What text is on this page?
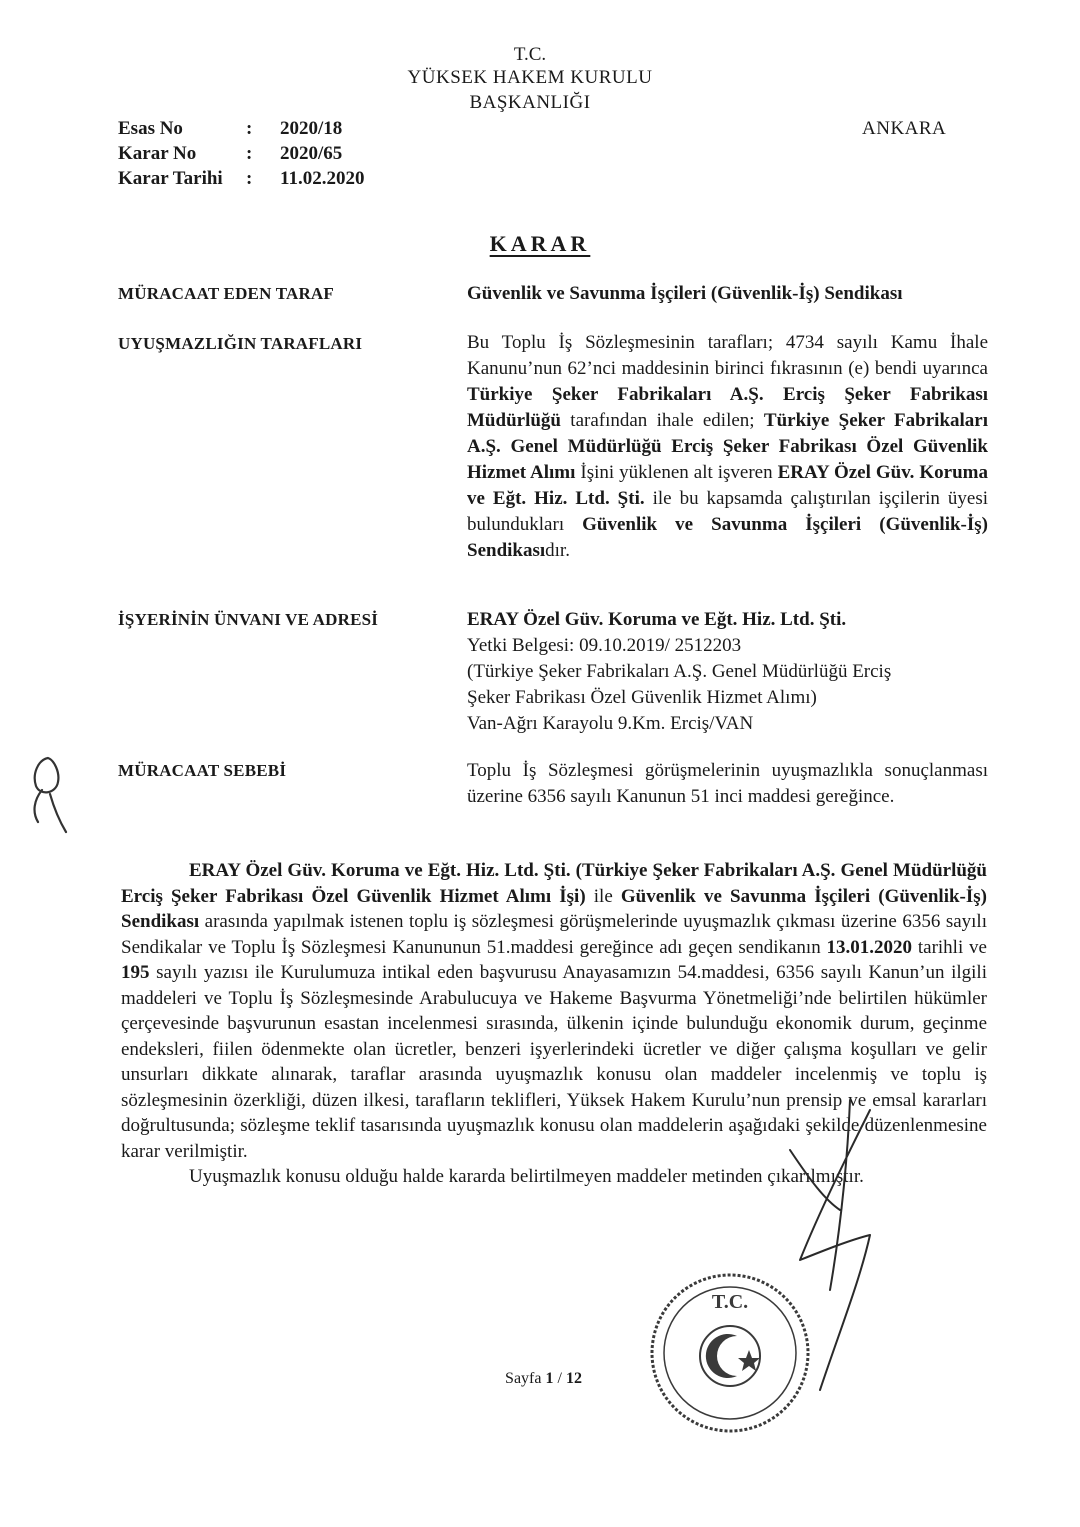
T.C.
YÜKSEK HAKEM KURULU
BAŞKANLIĞI
Esas No	:	2020/18
Karar No	:	2020/65
Karar Tarihi	:	11.02.2020
ANKARA
KARAR
MÜRACAAT EDEN TARAF	Güvenlik ve Savunma İşçileri (Güvenlik-İş) Sendikası
UYUŞMAZLIĞIN TARAFLARI	Bu Toplu İş Sözleşmesinin tarafları; 4734 sayılı Kamu İhale Kanunu’nun 62’nci maddesinin birinci fıkrasının (e) bendi uyarınca Türkiye Şeker Fabrikaları A.Ş. Erciş Şeker Fabrikası Müdürlüğü tarafından ihale edilen; Türkiye Şeker Fabrikaları A.Ş. Genel Müdürlüğü Erciş Şeker Fabrikası Özel Güvenlik Hizmet Alımı İşini yüklenen alt işveren ERAY Özel Güv. Koruma ve Eğt. Hiz. Ltd. Şti. ile bu kapsamda çalıştırılan işçilerin üyesi bulundukları Güvenlik ve Savunma İşçileri (Güvenlik-İş) Sendikasıdır.
İŞYERİNİN ÜNVANI VE ADRESİ	ERAY Özel Güv. Koruma ve Eğt. Hiz. Ltd. Şti.
Yetki Belgesi: 09.10.2019/ 2512203
(Türkiye Şeker Fabrikaları A.Ş. Genel Müdürlüğü Erciş
Şeker Fabrikası Özel Güvenlik Hizmet Alımı)
Van-Ağrı Karayolu 9.Km. Erciş/VAN
MÜRACAAT SEBEBİ	Toplu İş Sözleşmesi görüşmelerinin uyuşmazlıkla sonuçlanması üzerine 6356 sayılı Kanunun 51 inci maddesi gereğince.

ERAY Özel Güv. Koruma ve Eğt. Hiz. Ltd. Şti. (Türkiye Şeker Fabrikaları A.Ş. Genel Müdürlüğü Erciş Şeker Fabrikası Özel Güvenlik Hizmet Alımı İşi) ile Güvenlik ve Savunma İşçileri (Güvenlik-İş) Sendikası arasında yapılmak istenen toplu iş sözleşmesi görüşmelerinde uyuşmazlık çıkması üzerine 6356 sayılı Sendikalar ve Toplu İş Sözleşmesi Kanununun 51.maddesi gereğince adı geçen sendikanın 13.01.2020 tarihli ve 195 sayılı yazısı ile Kurulumuza intikal eden başvurusu Anayasamızın 54.maddesi, 6356 sayılı Kanun’un ilgili maddeleri ve Toplu İş Sözleşmesinde Arabulucuya ve Hakeme Başvurma Yönetmeliği’nde belirtilen hükümler çerçevesinde başvurunun esastan incelenmesi sırasında, ülkenin içinde bulunduğu ekonomik durum, geçinme endeksleri, fiilen ödenmekte olan ücretler, benzeri işyerlerindeki ücretler ve diğer çalışma koşulları ve gelir unsurları dikkate alınarak, taraflar arasında uyuşmazlık konusu olan maddeler incelenmiş ve toplu iş sözleşmesinin özerkliği, düzen ilkesi, tarafların teklifleri, Yüksek Hakem Kurulu’nun prensip ve emsal kararları doğrultusunda; sözleşme teklif tasarısında uyuşmazlık konusu olan maddelerin aşağıdaki şekilde düzenlenmesine karar verilmiştir.

Uyuşmazlık konusu olduğu halde kararda belirtilmeyen maddeler metinden çıkarılmıştır.

T.C.
Sayfa 1 / 12
